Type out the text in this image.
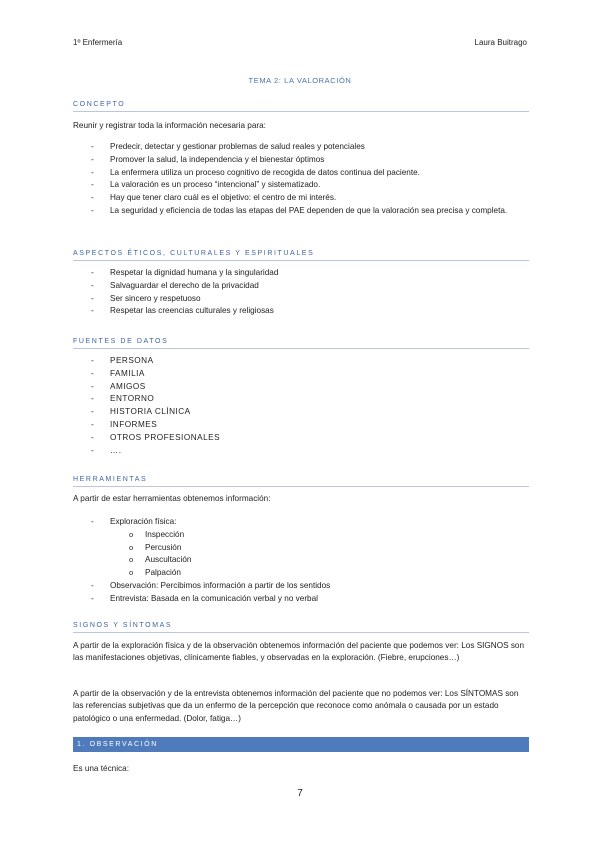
1º Enfermería	Laura Buitrago
TEMA 2: LA VALORACIÓN
CONCEPTO
Reunir y registrar toda la información necesaria para:
- Predecir, detectar y gestionar problemas de salud reales y potenciales
- Promover la salud, la independencia y el bienestar óptimos
- La enfermera utiliza un proceso cognitivo de recogida de datos continua del paciente.
- La valoración es un proceso “intencional” y sistematizado.
- Hay que tener claro cuál es el objetivo: el centro de mi interés.
- La seguridad y eficiencia de todas las etapas del PAE dependen de que la valoración sea precisa y completa.
ASPECTOS ÉTICOS, CULTURALES Y ESPIRITUALES
- Respetar la dignidad humana y la singularidad
- Salvaguardar el derecho de la privacidad
- Ser sincero y respetuoso
- Respetar las creencias culturales y religiosas
FUENTES DE DATOS
- PERSONA
- FAMILIA
- AMIGOS
- ENTORNO
- HISTORIA CLÍNICA
- INFORMES
- OTROS PROFESIONALES
- ….
HERRAMIENTAS
A partir de estar herramientas obtenemos información:
- Exploración física:
o Inspección
o Percusión
o Auscultación
o Palpación
- Observación: Percibimos información a partir de los sentidos
- Entrevista: Basada en la comunicación verbal y no verbal
SIGNOS Y SÍNTOMAS
A partir de la exploración física y de la observación obtenemos información del paciente que podemos ver: Los SIGNOS son las manifestaciones objetivas, clínicamente fiables, y observadas en la exploración. (Fiebre, erupciones…)
A partir de la observación y de la entrevista obtenemos información del paciente que no podemos ver: Los SÍNTOMAS son las referencias subjetivas que da un enfermo de la percepción que reconoce como anómala o causada por un estado patológico o una enfermedad. (Dolor, fatiga…)
1. OBSERVACIÓN
Es una técnica:
7
